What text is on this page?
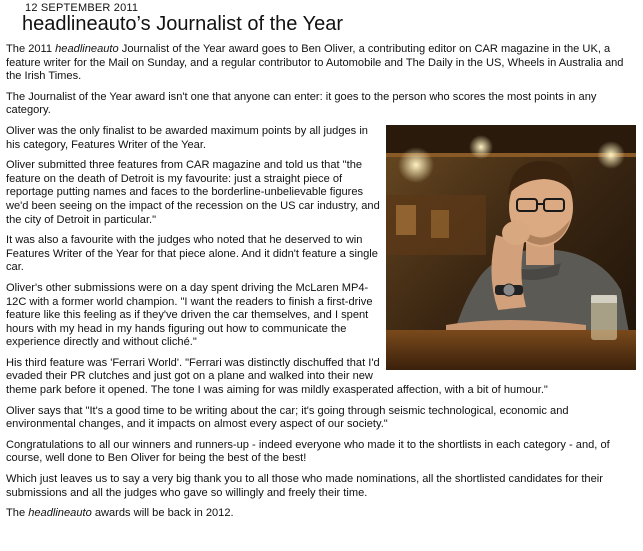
12 SEPTEMBER 2011
headlineauto’s Journalist of the Year

The 2011 headlineauto Journalist of the Year award goes to Ben Oliver, a contributing editor on CAR magazine in the UK, a feature writer for the Mail on Sunday, and a regular contributor to Automobile and The Daily in the US, Wheels in Australia and the Irish Times.

The Journalist of the Year award isn't one that anyone can enter: it goes to the person who scores the most points in any category.

Oliver was the only finalist to be awarded maximum points by all judges in his category, Features Writer of the Year.

Oliver submitted three features from CAR magazine and told us that "the feature on the death of Detroit is my favourite: just a straight piece of reportage putting names and faces to the borderline-unbelievable figures we'd been seeing on the impact of the recession on the US car industry, and the city of Detroit in particular."

It was also a favourite with the judges who noted that he deserved to win Features Writer of the Year for that piece alone. And it didn't feature a single car.

Oliver's other submissions were on a day spent driving the McLaren MP4-12C with a former world champion. "I want the readers to finish a first-drive feature like this feeling as if they've driven the car themselves, and I spent hours with my head in my hands figuring out how to communicate the experience directly and without cliché."

His third feature was 'Ferrari World'. "Ferrari was distinctly dischuffed that I'd evaded their PR clutches and just got on a plane and walked into their new theme park before it opened. The tone I was aiming for was mildly exasperated affection, with a bit of humour."

Oliver says that "It's a good time to be writing about the car; it's going through seismic technological, economic and environmental changes, and it impacts on almost every aspect of our society."

Congratulations to all our winners and runners-up - indeed everyone who made it to the shortlists in each category - and, of course, well done to Ben Oliver for being the best of the best!

Which just leaves us to say a very big thank you to all those who made nominations, all the shortlisted candidates for their submissions and all the judges who gave so willingly and freely their time.

The headlineauto awards will be back in 2012.
